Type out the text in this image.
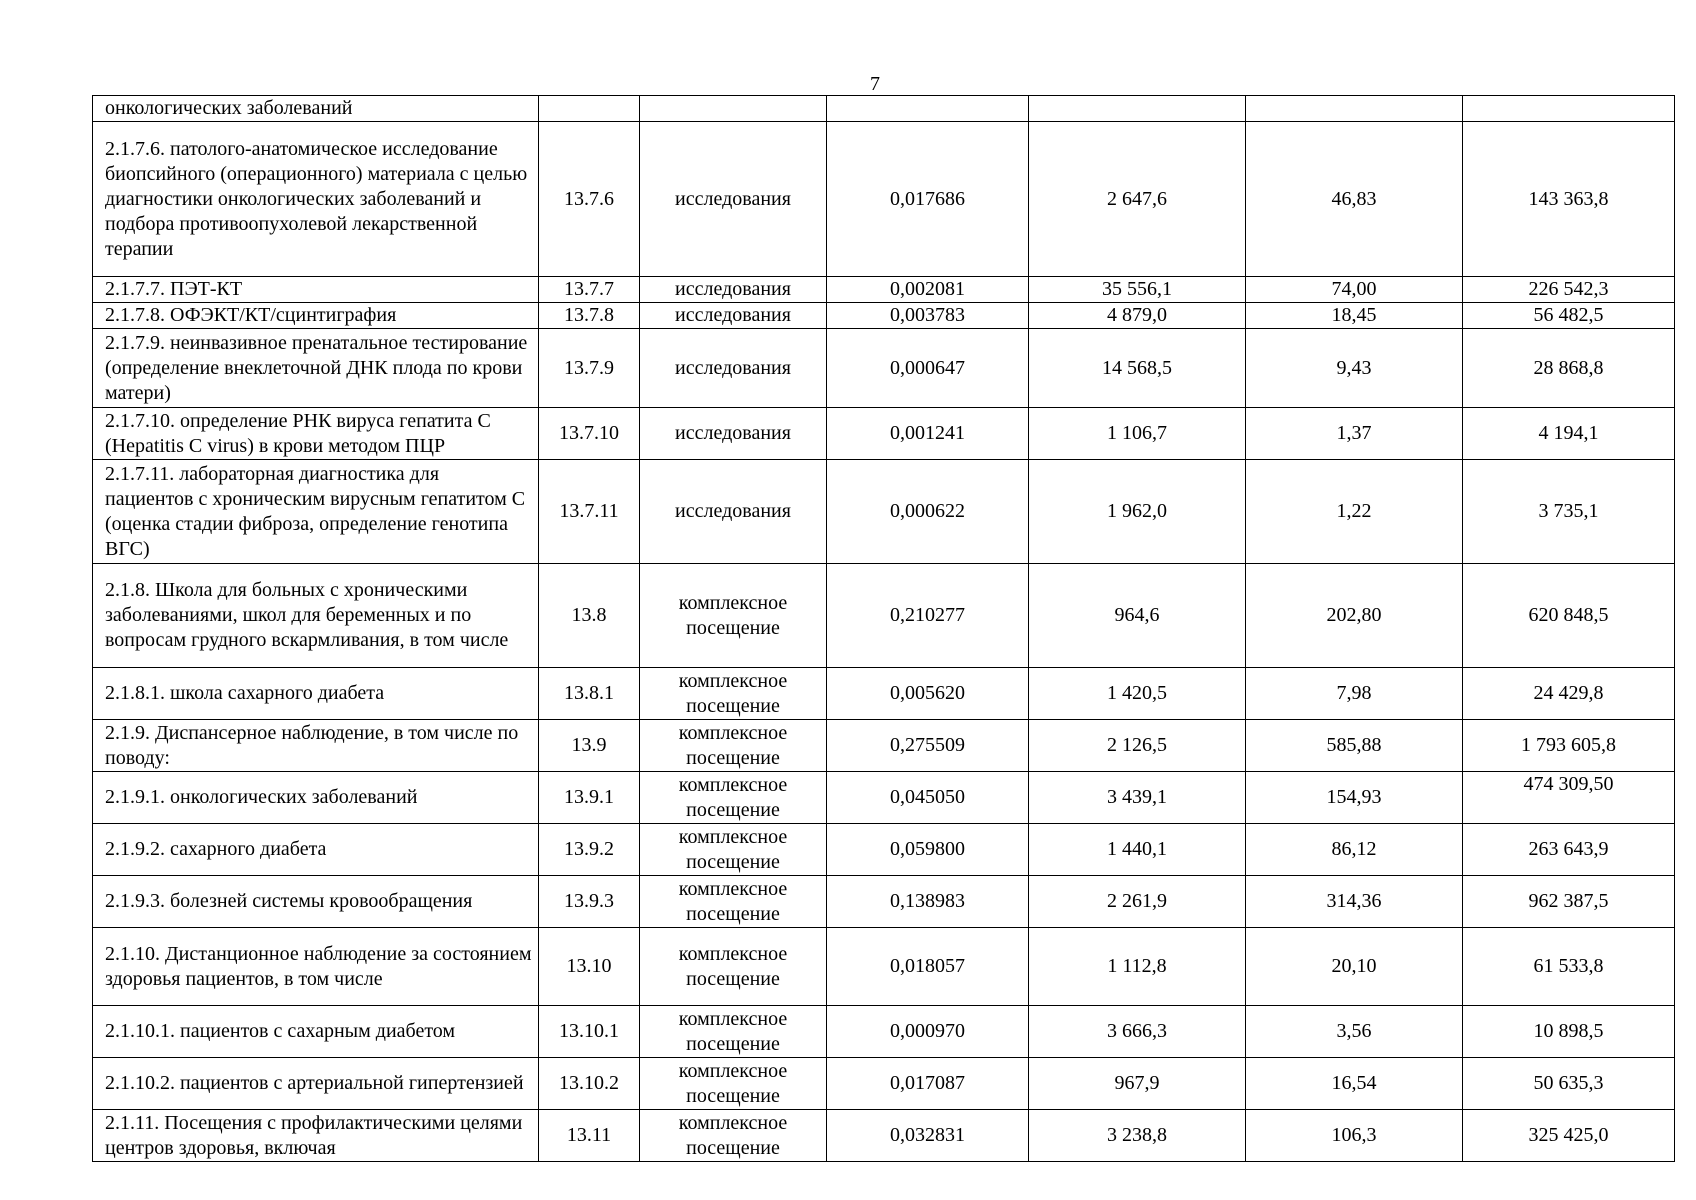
7
онкологических заболеваний						
2.1.7.6. патолого-анатомическое исследование биопсийного (операционного) материала с целью диагностики онкологических заболеваний и подбора противоопухолевой лекарственной терапии	13.7.6	исследования	0,017686	2 647,6	46,83	143 363,8
2.1.7.7. ПЭТ-КТ	13.7.7	исследования	0,002081	35 556,1	74,00	226 542,3
2.1.7.8. ОФЭКТ/КТ/сцинтиграфия	13.7.8	исследования	0,003783	4 879,0	18,45	56 482,5
2.1.7.9. неинвазивное пренатальное тестирование (определение внеклеточной ДНК плода по крови матери)	13.7.9	исследования	0,000647	14 568,5	9,43	28 868,8
2.1.7.10. определение РНК вируса гепатита С (Hepatitis C virus) в крови методом ПЦР	13.7.10	исследования	0,001241	1 106,7	1,37	4 194,1
2.1.7.11. лабораторная диагностика для пациентов с хроническим вирусным гепатитом С (оценка стадии фиброза, определение генотипа ВГС)	13.7.11	исследования	0,000622	1 962,0	1,22	3 735,1
2.1.8. Школа для больных с хроническими заболеваниями, школ для беременных и по вопросам грудного вскармливания, в том числе	13.8	комплексное посещение	0,210277	964,6	202,80	620 848,5
2.1.8.1. школа сахарного диабета	13.8.1	комплексное посещение	0,005620	1 420,5	7,98	24 429,8
2.1.9. Диспансерное наблюдение, в том числе по поводу:	13.9	комплексное посещение	0,275509	2 126,5	585,88	1 793 605,8
2.1.9.1. онкологических заболеваний	13.9.1	комплексное посещение	0,045050	3 439,1	154,93	474 309,50
2.1.9.2. сахарного диабета	13.9.2	комплексное посещение	0,059800	1 440,1	86,12	263 643,9
2.1.9.3. болезней системы кровообращения	13.9.3	комплексное посещение	0,138983	2 261,9	314,36	962 387,5
2.1.10. Дистанционное наблюдение за состоянием здоровья пациентов, в том числе	13.10	комплексное посещение	0,018057	1 112,8	20,10	61 533,8
2.1.10.1. пациентов с сахарным диабетом	13.10.1	комплексное посещение	0,000970	3 666,3	3,56	10 898,5
2.1.10.2. пациентов с артериальной гипертензией	13.10.2	комплексное посещение	0,017087	967,9	16,54	50 635,3
2.1.11. Посещения с профилактическими целями центров здоровья, включая	13.11	комплексное посещение	0,032831	3 238,8	106,3	325 425,0
